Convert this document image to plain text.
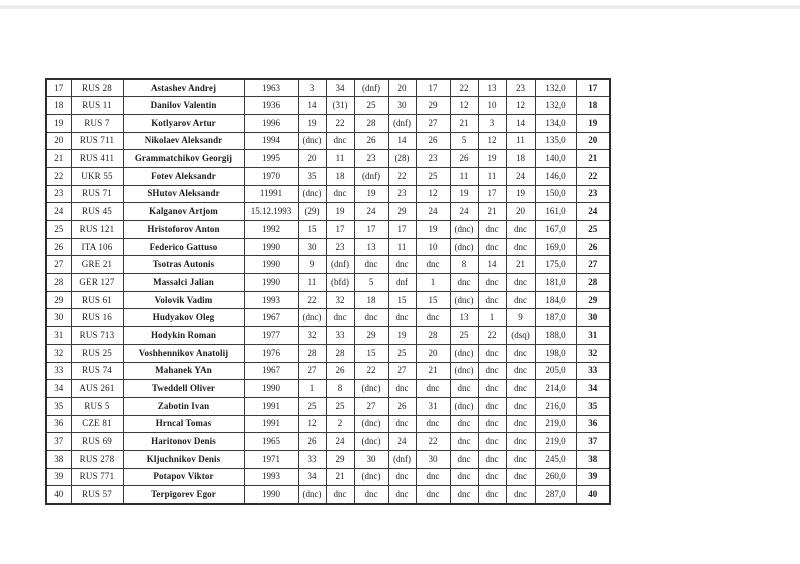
17	RUS 28	Astashev Andrej	1963	3	34	(dnf)	20	17	22	13	23	132,0	17
18	RUS 11	Danilov Valentin	1936	14	(31)	25	30	29	12	10	12	132,0	18
19	RUS 7	Kotlyarov Artur	1996	19	22	28	(dnf)	27	21	3	14	134,0	19
20	RUS 711	Nikolaev Aleksandr	1994	(dnc)	dnc	26	14	26	5	12	11	135,0	20
21	RUS 411	Grammatchikov Georgij	1995	20	11	23	(28)	23	26	19	18	140,0	21
22	UKR 55	Fotev Aleksandr	1970	35	18	(dnf)	22	25	11	11	24	146,0	22
23	RUS 71	SHutov Aleksandr	11991	(dnc)	dnc	19	23	12	19	17	19	150,0	23
24	RUS 45	Kalganov Artjom	15.12.1993	(29)	19	24	29	24	24	21	20	161,0	24
25	RUS 121	Hristoforov Anton	1992	15	17	17	17	19	(dnc)	dnc	dnc	167,0	25
26	ITA 106	Federico Gattuso	1990	30	23	13	11	10	(dnc)	dnc	dnc	169,0	26
27	GRE 21	Tsotras Autonis	1990	9	(dnf)	dnc	dnc	dnc	8	14	21	175,0	27
28	GER 127	Massalci Jalian	1990	11	(bfd)	5	dnf	1	dnc	dnc	dnc	181,0	28
29	RUS 61	Volovik Vadim	1993	22	32	18	15	15	(dnc)	dnc	dnc	184,0	29
30	RUS 16	Hudyakov Oleg	1967	(dnc)	dnc	dnc	dnc	dnc	13	1	9	187,0	30
31	RUS 713	Hodykin Roman	1977	32	33	29	19	28	25	22	(dsq)	188,0	31
32	RUS 25	Voshhennikov Anatolij	1976	28	28	15	25	20	(dnc)	dnc	dnc	198,0	32
33	RUS 74	Mahanek YAn	1967	27	26	22	27	21	(dnc)	dnc	dnc	205,0	33
34	AUS 261	Tweddell Oliver	1990	1	8	(dnc)	dnc	dnc	dnc	dnc	dnc	214,0	34
35	RUS 5	Zabotin Ivan	1991	25	25	27	26	31	(dnc)	dnc	dnc	216,0	35
36	CZE 81	Hrncal Tomas	1991	12	2	(dnc)	dnc	dnc	dnc	dnc	dnc	219,0	36
37	RUS 69	Haritonov Denis	1965	26	24	(dnc)	24	22	dnc	dnc	dnc	219,0	37
38	RUS 278	Kljuchnikov Denis	1971	33	29	30	(dnf)	30	dnc	dnc	dnc	245,0	38
39	RUS 771	Potapov Viktor	1993	34	21	(dnc)	dnc	dnc	dnc	dnc	dnc	260,0	39
40	RUS 57	Terpigorev Egor	1990	(dnc)	dnc	dnc	dnc	dnc	dnc	dnc	dnc	287,0	40
